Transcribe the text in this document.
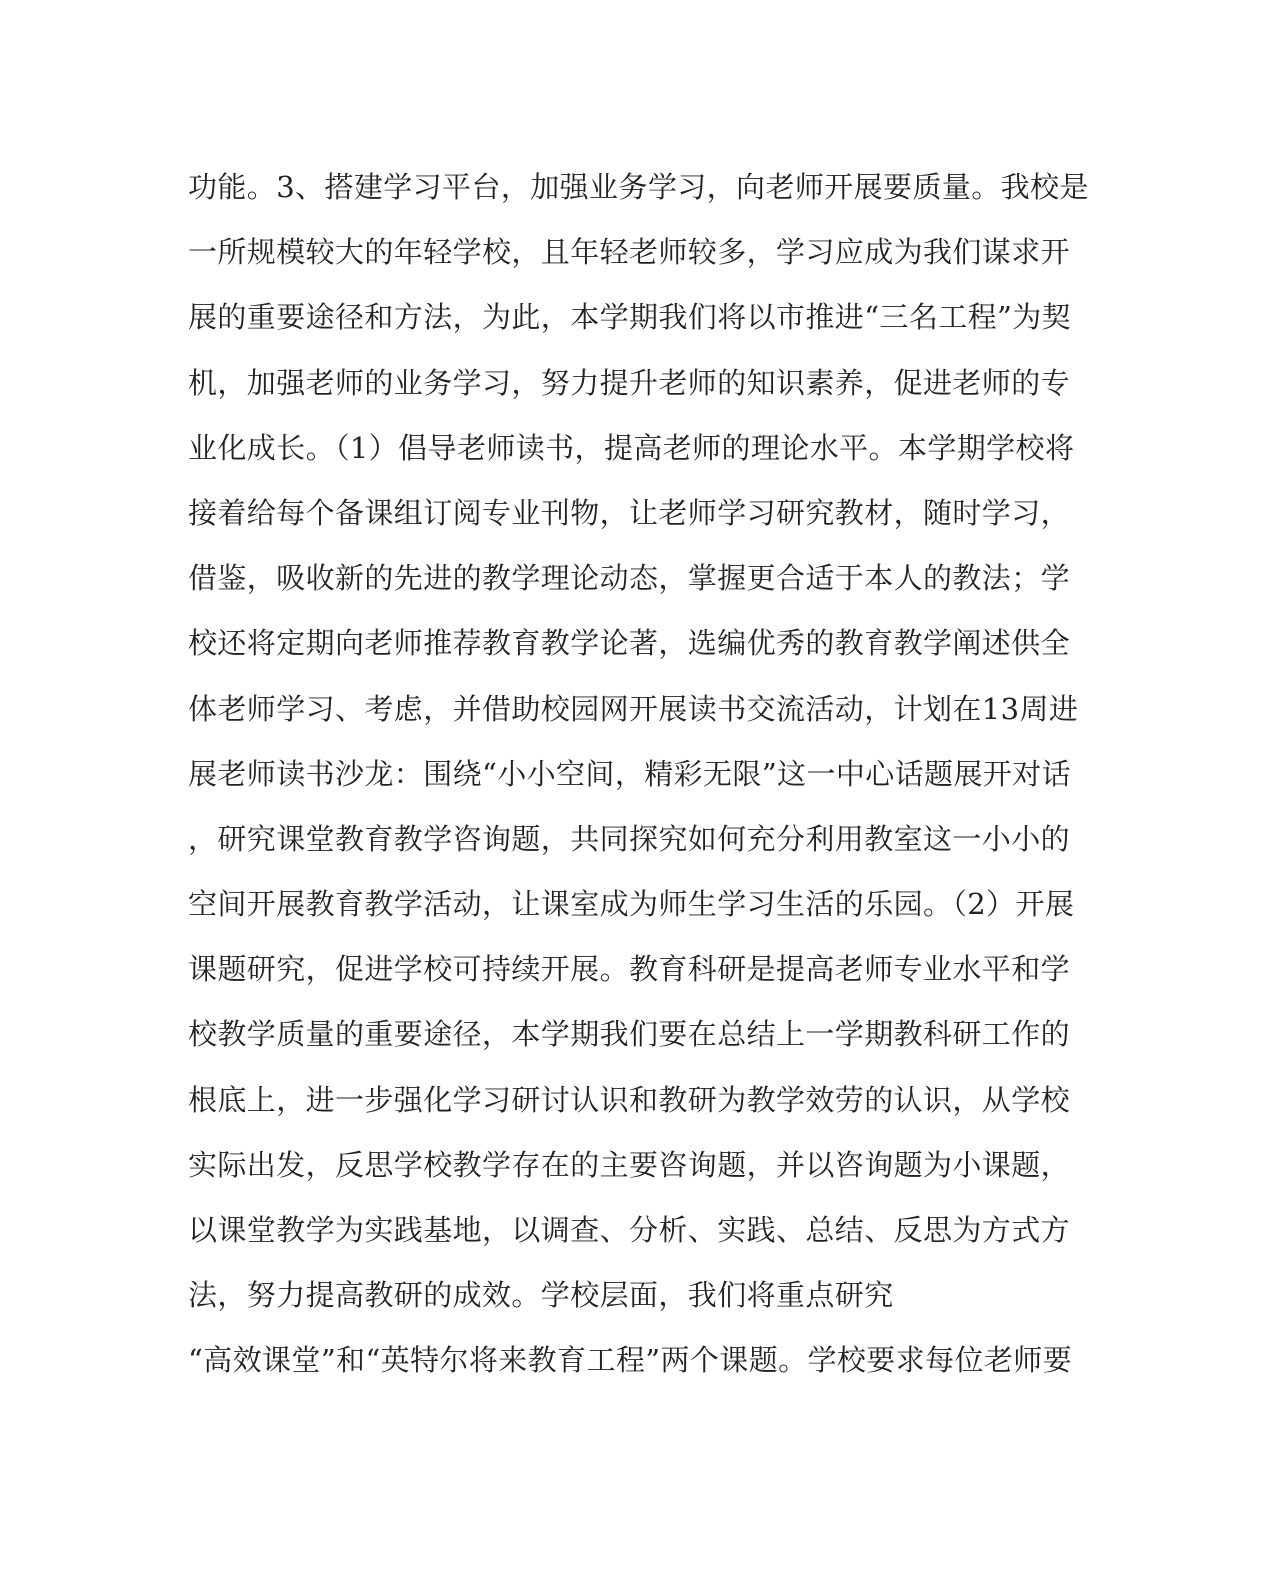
功能。3、搭建学习平台，加强业务学习，向老师开展要质量。我校是
一所规模较大的年轻学校，且年轻老师较多，学习应成为我们谋求开
展的重要途径和方法，为此，本学期我们将以市推进“三名工程”为契
机，加强老师的业务学习，努力提升老师的知识素养，促进老师的专
业化成长。（1）倡导老师读书，提高老师的理论水平。本学期学校将
接着给每个备课组订阅专业刊物，让老师学习研究教材，随时学习，
借鉴，吸收新的先进的教学理论动态，掌握更合适于本人的教法；学
校还将定期向老师推荐教育教学论著，选编优秀的教育教学阐述供全
体老师学习、考虑，并借助校园网开展读书交流活动，计划在13周进
展老师读书沙龙：围绕“小小空间，精彩无限”这一中心话题展开对话
，研究课堂教育教学咨询题，共同探究如何充分利用教室这一小小的
空间开展教育教学活动，让课室成为师生学习生活的乐园。（2）开展
课题研究，促进学校可持续开展。教育科研是提高老师专业水平和学
校教学质量的重要途径，本学期我们要在总结上一学期教科研工作的
根底上，进一步强化学习研讨认识和教研为教学效劳的认识，从学校
实际出发，反思学校教学存在的主要咨询题，并以咨询题为小课题，
以课堂教学为实践基地，以调查、分析、实践、总结、反思为方式方
法，努力提高教研的成效。学校层面，我们将重点研究
“高效课堂”和“英特尔将来教育工程”两个课题。学校要求每位老师要
